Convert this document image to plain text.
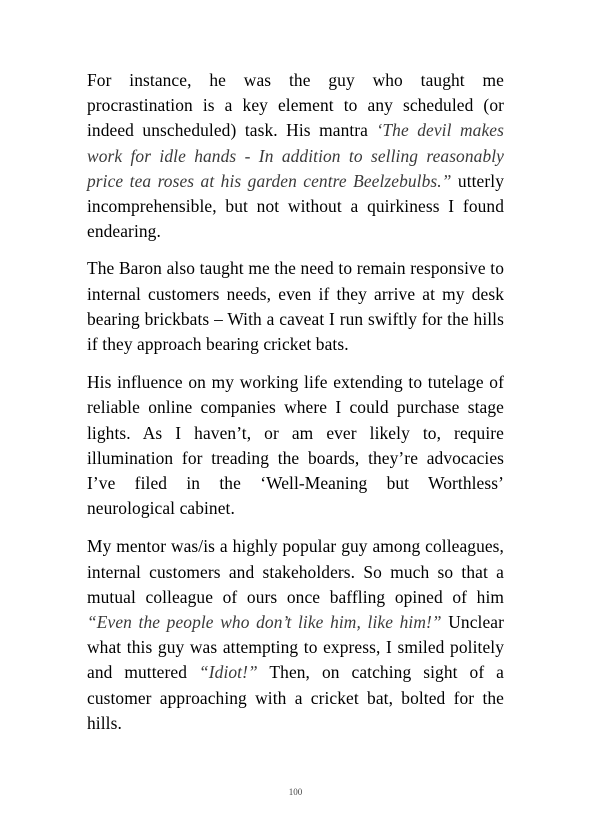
For instance, he was the guy who taught me procrastination is a key element to any scheduled (or indeed unscheduled) task. His mantra ‘The devil makes work for idle hands - In addition to selling reasonably price tea roses at his garden centre Beelzebulbs.” utterly incomprehensible, but not without a quirkiness I found endearing.

The Baron also taught me the need to remain responsive to internal customers needs, even if they arrive at my desk bearing brickbats – With a caveat I run swiftly for the hills if they approach bearing cricket bats.

His influence on my working life extending to tutelage of reliable online companies where I could purchase stage lights. As I haven’t, or am ever likely to, require illumination for treading the boards, they’re advocacies I’ve filed in the ‘Well-Meaning but Worthless’ neurological cabinet.

My mentor was/is a highly popular guy among colleagues, internal customers and stakeholders. So much so that a mutual colleague of ours once baffling opined of him “Even the people who don’t like him, like him!” Unclear what this guy was attempting to express, I smiled politely and muttered “Idiot!” Then, on catching sight of a customer approaching with a cricket bat, bolted for the hills.

100
